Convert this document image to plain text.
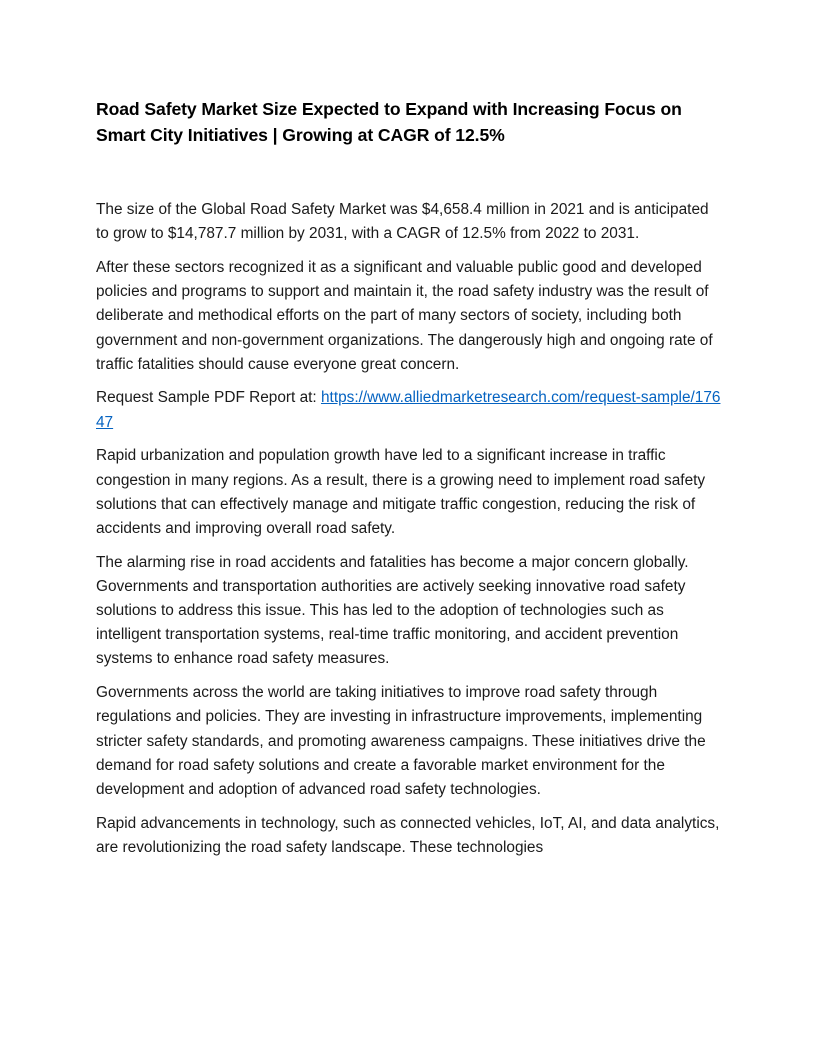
Road Safety Market Size Expected to Expand with Increasing Focus on Smart City Initiatives | Growing at CAGR of 12.5%

The size of the Global Road Safety Market was $4,658.4 million in 2021 and is anticipated to grow to $14,787.7 million by 2031, with a CAGR of 12.5% from 2022 to 2031.

After these sectors recognized it as a significant and valuable public good and developed policies and programs to support and maintain it, the road safety industry was the result of deliberate and methodical efforts on the part of many sectors of society, including both government and non-government organizations. The dangerously high and ongoing rate of traffic fatalities should cause everyone great concern.

Request Sample PDF Report at: https://www.alliedmarketresearch.com/request-sample/17647

Rapid urbanization and population growth have led to a significant increase in traffic congestion in many regions. As a result, there is a growing need to implement road safety solutions that can effectively manage and mitigate traffic congestion, reducing the risk of accidents and improving overall road safety.

The alarming rise in road accidents and fatalities has become a major concern globally. Governments and transportation authorities are actively seeking innovative road safety solutions to address this issue. This has led to the adoption of technologies such as intelligent transportation systems, real-time traffic monitoring, and accident prevention systems to enhance road safety measures.

Governments across the world are taking initiatives to improve road safety through regulations and policies. They are investing in infrastructure improvements, implementing stricter safety standards, and promoting awareness campaigns. These initiatives drive the demand for road safety solutions and create a favorable market environment for the development and adoption of advanced road safety technologies.

Rapid advancements in technology, such as connected vehicles, IoT, AI, and data analytics, are revolutionizing the road safety landscape. These technologies
